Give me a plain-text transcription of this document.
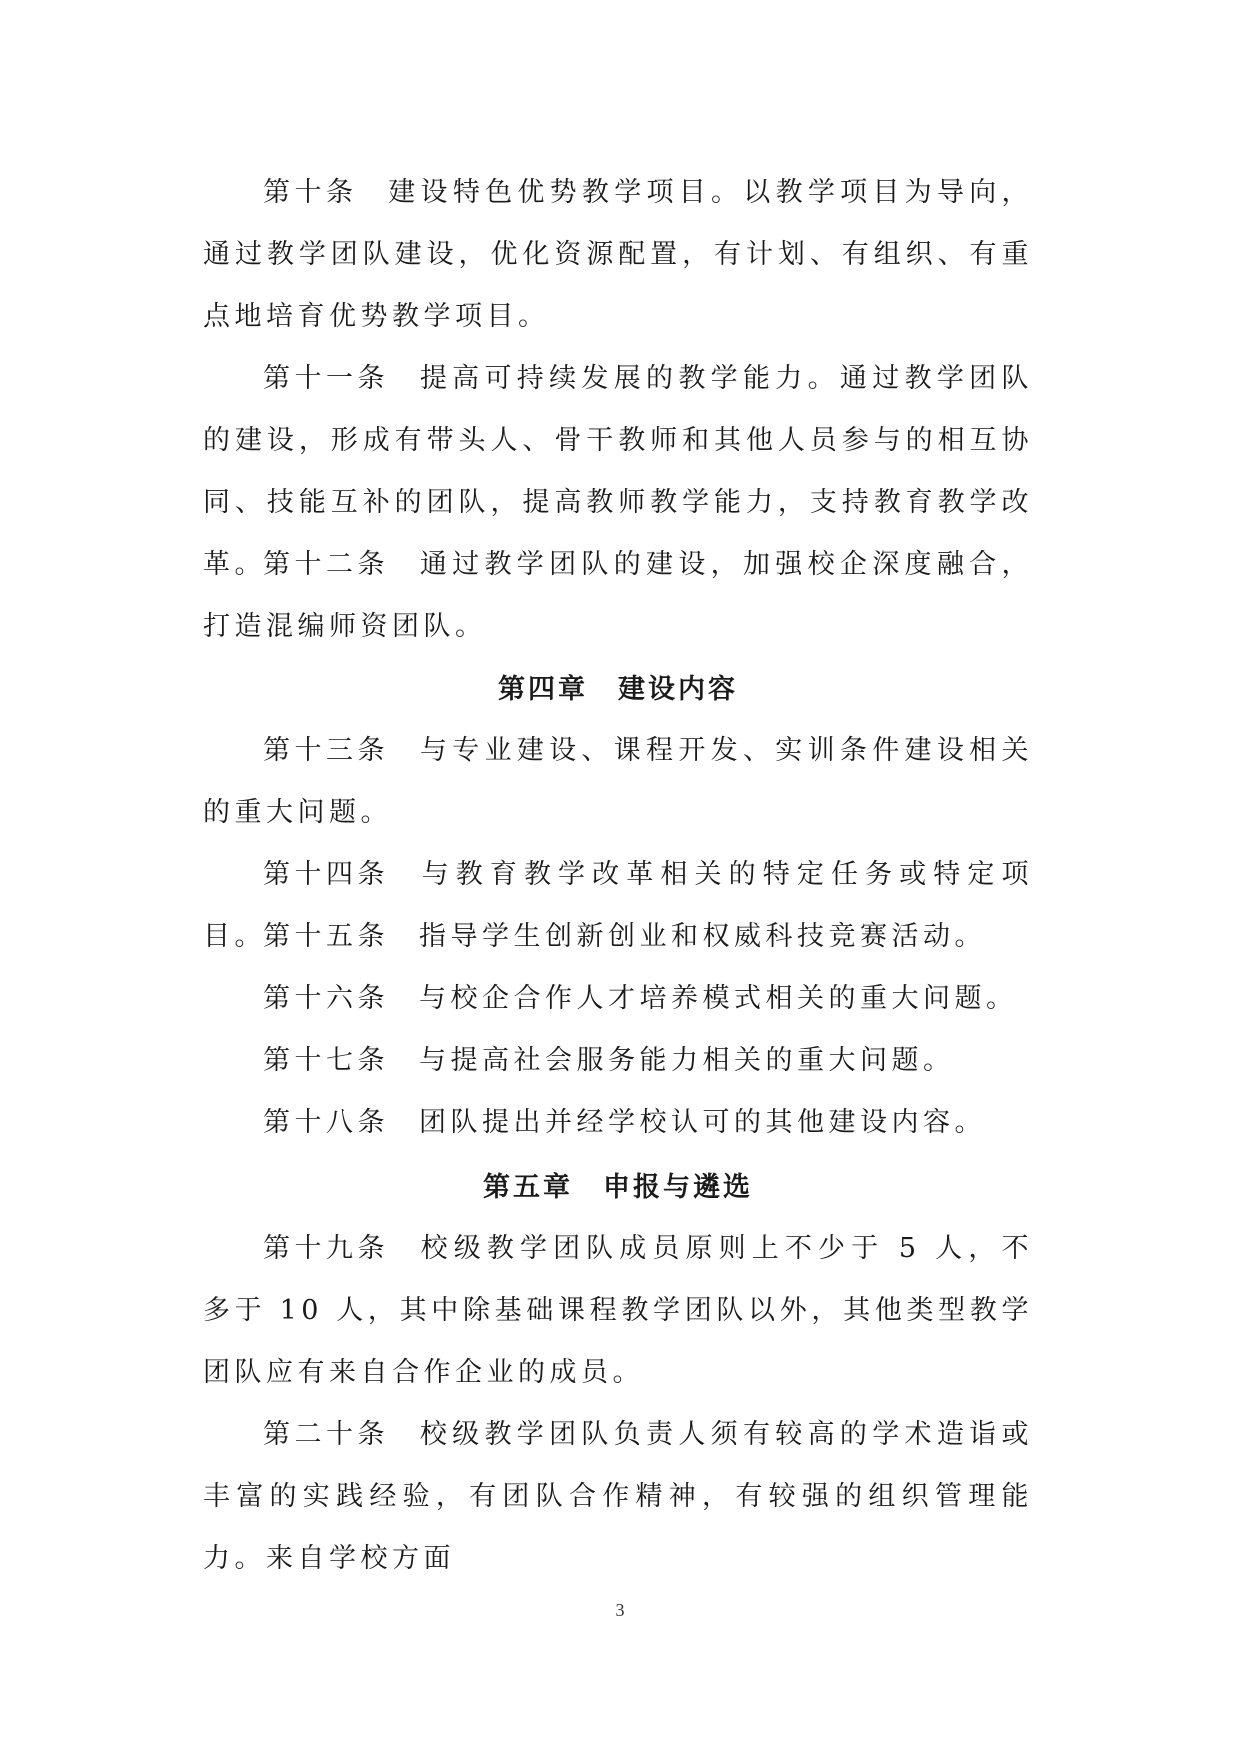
第十条 建设特色优势教学项目。以教学项目为导向，通过教学团队建设，优化资源配置，有计划、有组织、有重点地培育优势教学项目。

第十一条 提高可持续发展的教学能力。通过教学团队的建设，形成有带头人、骨干教师和其他人员参与的相互协同、技能互补的团队，提高教师教学能力，支持教育教学改革。

第十二条 通过教学团队的建设，加强校企深度融合，打造混编师资团队。

第四章 建设内容

第十三条 与专业建设、课程开发、实训条件建设相关的重大问题。

第十四条 与教育教学改革相关的特定任务或特定项目。

第十五条 指导学生创新创业和权威科技竞赛活动。

第十六条 与校企合作人才培养模式相关的重大问题。

第十七条 与提高社会服务能力相关的重大问题。

第十八条 团队提出并经学校认可的其他建设内容。

第五章 申报与遴选

第十九条 校级教学团队成员原则上不少于 5 人，不多于 10 人，其中除基础课程教学团队以外，其他类型教学团队应有来自合作企业的成员。

第二十条 校级教学团队负责人须有较高的学术造诣或丰富的实践经验，有团队合作精神，有较强的组织管理能力。来自学校方面

3
